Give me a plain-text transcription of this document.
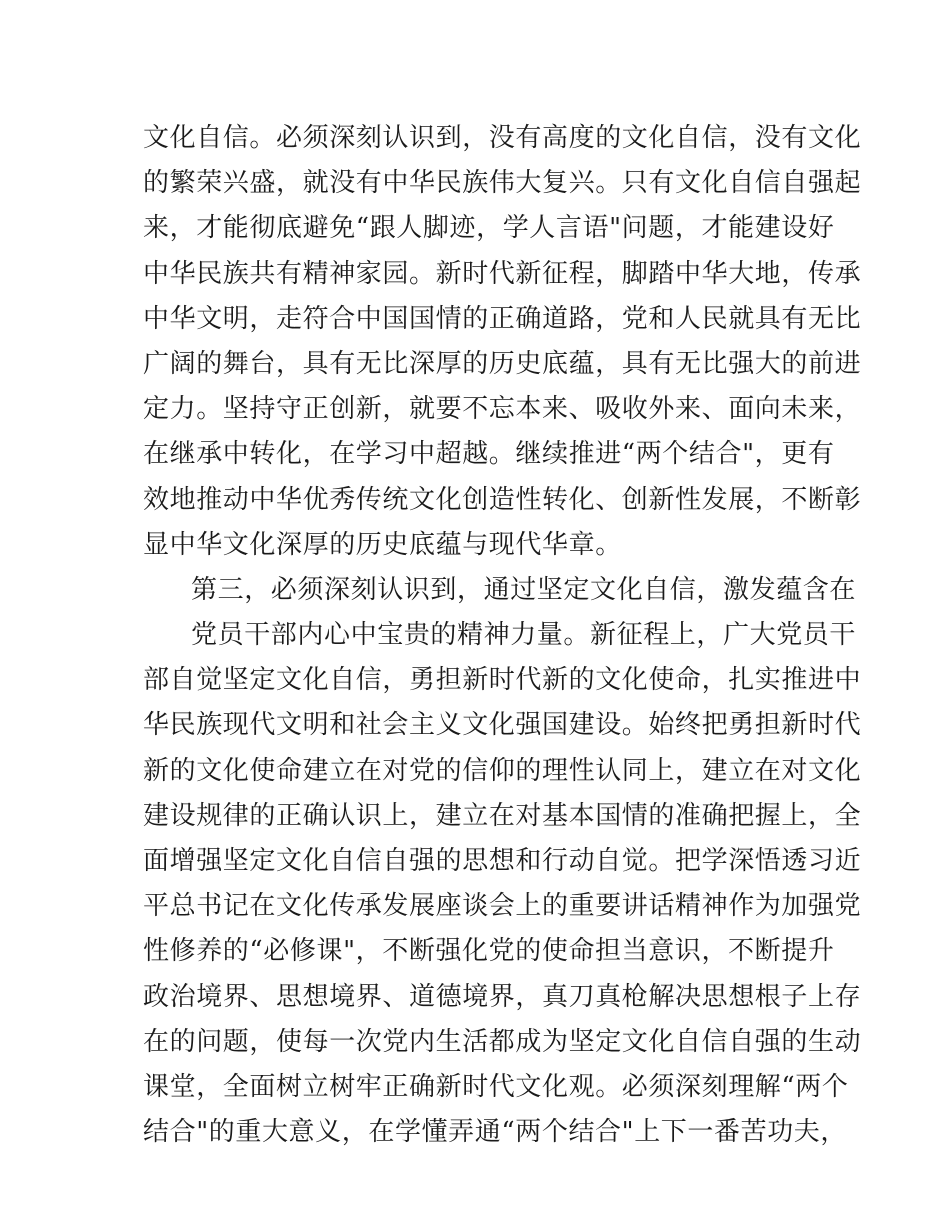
文化自信。必须深刻认识到，没有高度的文化自信，没有文化
的繁荣兴盛，就没有中华民族伟大复兴。只有文化自信自强起
来，才能彻底避免“跟人脚迹，学人言语"问题，才能建设好
中华民族共有精神家园。新时代新征程，脚踏中华大地，传承
中华文明，走符合中国国情的正确道路，党和人民就具有无比
广阔的舞台，具有无比深厚的历史底蕴，具有无比强大的前进
定力。坚持守正创新，就要不忘本来、吸收外来、面向未来，
在继承中转化，在学习中超越。继续推进“两个结合"，更有
效地推动中华优秀传统文化创造性转化、创新性发展，不断彰
显中华文化深厚的历史底蕴与现代华章。
第三，必须深刻认识到，通过坚定文化自信，激发蕴含在
党员干部内心中宝贵的精神力量。新征程上，广大党员干
部自觉坚定文化自信，勇担新时代新的文化使命，扎实推进中
华民族现代文明和社会主义文化强国建设。始终把勇担新时代
新的文化使命建立在对党的信仰的理性认同上，建立在对文化
建设规律的正确认识上，建立在对基本国情的准确把握上，全
面增强坚定文化自信自强的思想和行动自觉。把学深悟透习近
平总书记在文化传承发展座谈会上的重要讲话精神作为加强党
性修养的“必修课"，不断强化党的使命担当意识，不断提升
政治境界、思想境界、道德境界，真刀真枪解决思想根子上存
在的问题，使每一次党内生活都成为坚定文化自信自强的生动
课堂，全面树立树牢正确新时代文化观。必须深刻理解“两个
结合"的重大意义，在学懂弄通“两个结合"上下一番苦功夫，
